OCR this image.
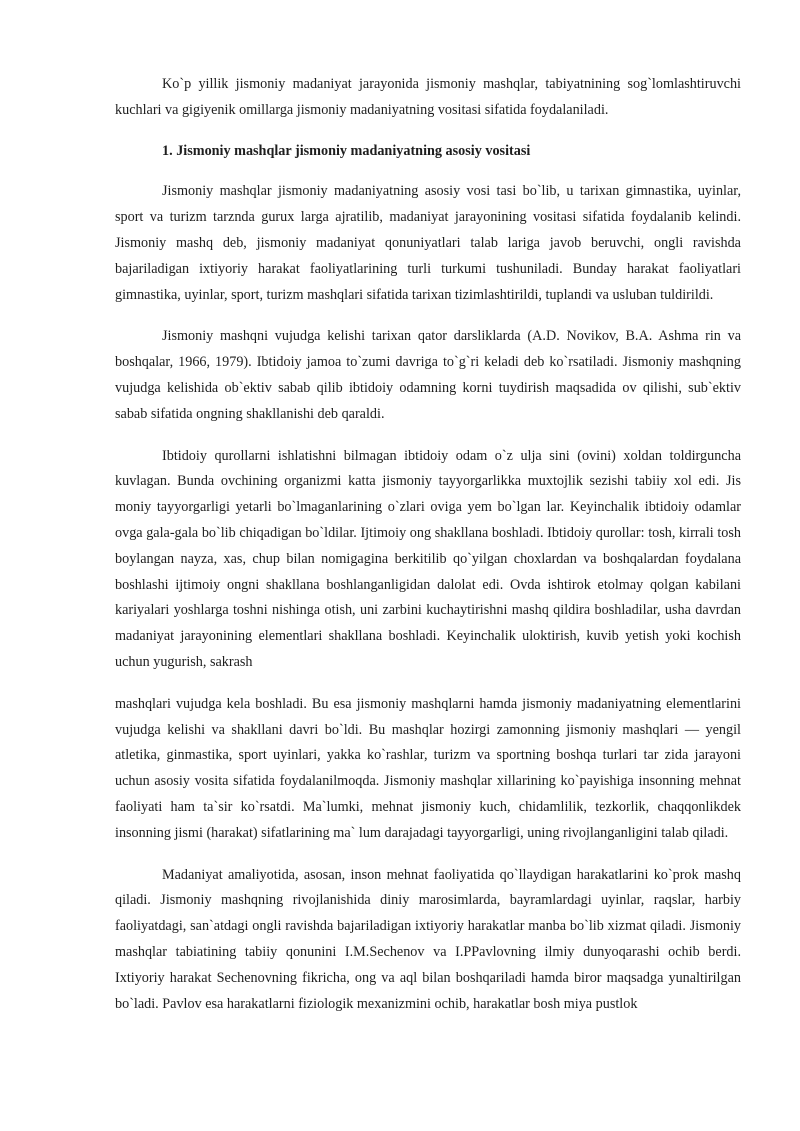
Ko`p yillik jismoniy madaniyat jarayonida jismoniy mashqlar, tabiyatnining sog`lomlashtiruvchi kuchlari va gigiyenik omillarga jismoniy madaniyatning vositasi sifatida foydalaniladi.

1. Jismoniy mashqlar jismoniy madaniyatning asosiy vositasi

Jismoniy mashqlar jismoniy madaniyatning asosiy vosi tasi bo`lib, u tarixan gimnastika, uyinlar, sport va turizm tarznda gurux larga ajratilib, madaniyat jarayonining vositasi sifatida foydalanib kelindi. Jismoniy mashq deb, jismoniy madaniyat qonuniyatlari talab lariga javob beruvchi, ongli ravishda bajariladigan ixtiyoriy harakat faoliyatlarining turli turkumi tushuniladi. Bunday harakat faoliyatlari gimnastika, uyinlar, sport, turizm mashqlari sifatida tarixan tizimlashtirildi, tuplandi va usluban tuldirildi.

Jismoniy mashqni vujudga kelishi tarixan qator darsliklarda (A.D. Novikov, B.A. Ashma rin va boshqalar, 1966, 1979). Ibtidoiy jamoa to`zumi davriga to`g`ri keladi deb ko`rsatiladi. Jismoniy mashqning vujudga kelishida ob`ektiv sabab qilib ibtidoiy odamning korni tuydirish maqsadida ov qilishi, sub`ektiv sabab sifatida ongning shakllanishi deb qaraldi.

Ibtidoiy qurollarni ishlatishni bilmagan ibtidoiy odam o`z ulja sini (ovini) xoldan toldirguncha kuvlagan. Bunda ovchining organizmi katta jismoniy tayyorgarlikka muxtojlik sezishi tabiiy xol edi. Jis moniy tayyorgarligi yetarli bo`lmaganlarining o`zlari oviga yem bo`lgan lar. Keyinchalik ibtidoiy odamlar ovga gala-gala bo`lib chiqadigan bo`ldilar. Ijtimoiy ong shakllana boshladi. Ibtidoiy qurollar: tosh, kirrali tosh boylangan nayza, xas, chup bilan nomigagina berkitilib qo`yilgan choxlardan va boshqalardan foydalana boshlashi ijtimoiy ongni shakllana boshlanganligidan dalolat edi. Ovda ishtirok etolmay qolgan kabilani kariyalari yoshlarga toshni nishinga otish, uni zarbini kuchaytirishni mashq qildira boshladilar, usha davrdan madaniyat jarayonining elementlari shakllana boshladi. Keyinchalik uloktirish, kuvib yetish yoki kochish uchun yugurish, sakrash

mashqlari vujudga kela boshladi. Bu esa jismoniy mashqlarni hamda jismoniy madaniyatning elementlarini vujudga kelishi va shakllani davri bo`ldi. Bu mashqlar hozirgi zamonning jismoniy mashqlari — yengil atletika, ginmastika, sport uyinlari, yakka ko`rashlar, turizm va sportning boshqa turlari tar zida jarayoni uchun asosiy vosita sifatida foydalanilmoqda. Jismoniy mashqlar xillarining ko`payishiga insonning mehnat faoliyati ham ta`sir ko`rsatdi. Ma`lumki, mehnat jismoniy kuch, chidamlilik, tezkorlik, chaqqonlikdek insonning jismi (harakat) sifatlarining ma` lum darajadagi tayyorgarligi, uning rivojlanganligini talab qiladi.

Madaniyat amaliyotida, asosan, inson mehnat faoliyatida qo`llaydigan harakatlarini ko`prok mashq qiladi. Jismoniy mashqning rivojlanishida diniy marosimlarda, bayramlardagi uyinlar, raqslar, harbiy faoliyatdagi, san`atdagi ongli ravishda bajariladigan ixtiyoriy harakatlar manba bo`lib xizmat qiladi. Jismoniy mashqlar tabiatining tabiiy qonunini I.M.Sechenov va I.PPavlovning ilmiy dunyoqarashi ochib berdi. Ixtiyoriy harakat Sechenovning fikricha, ong va aql bilan boshqariladi hamda biror maqsadga yunaltirilgan bo`ladi. Pavlov esa harakatlarni fiziologik mexanizmini ochib, harakatlar bosh miya pustlok
